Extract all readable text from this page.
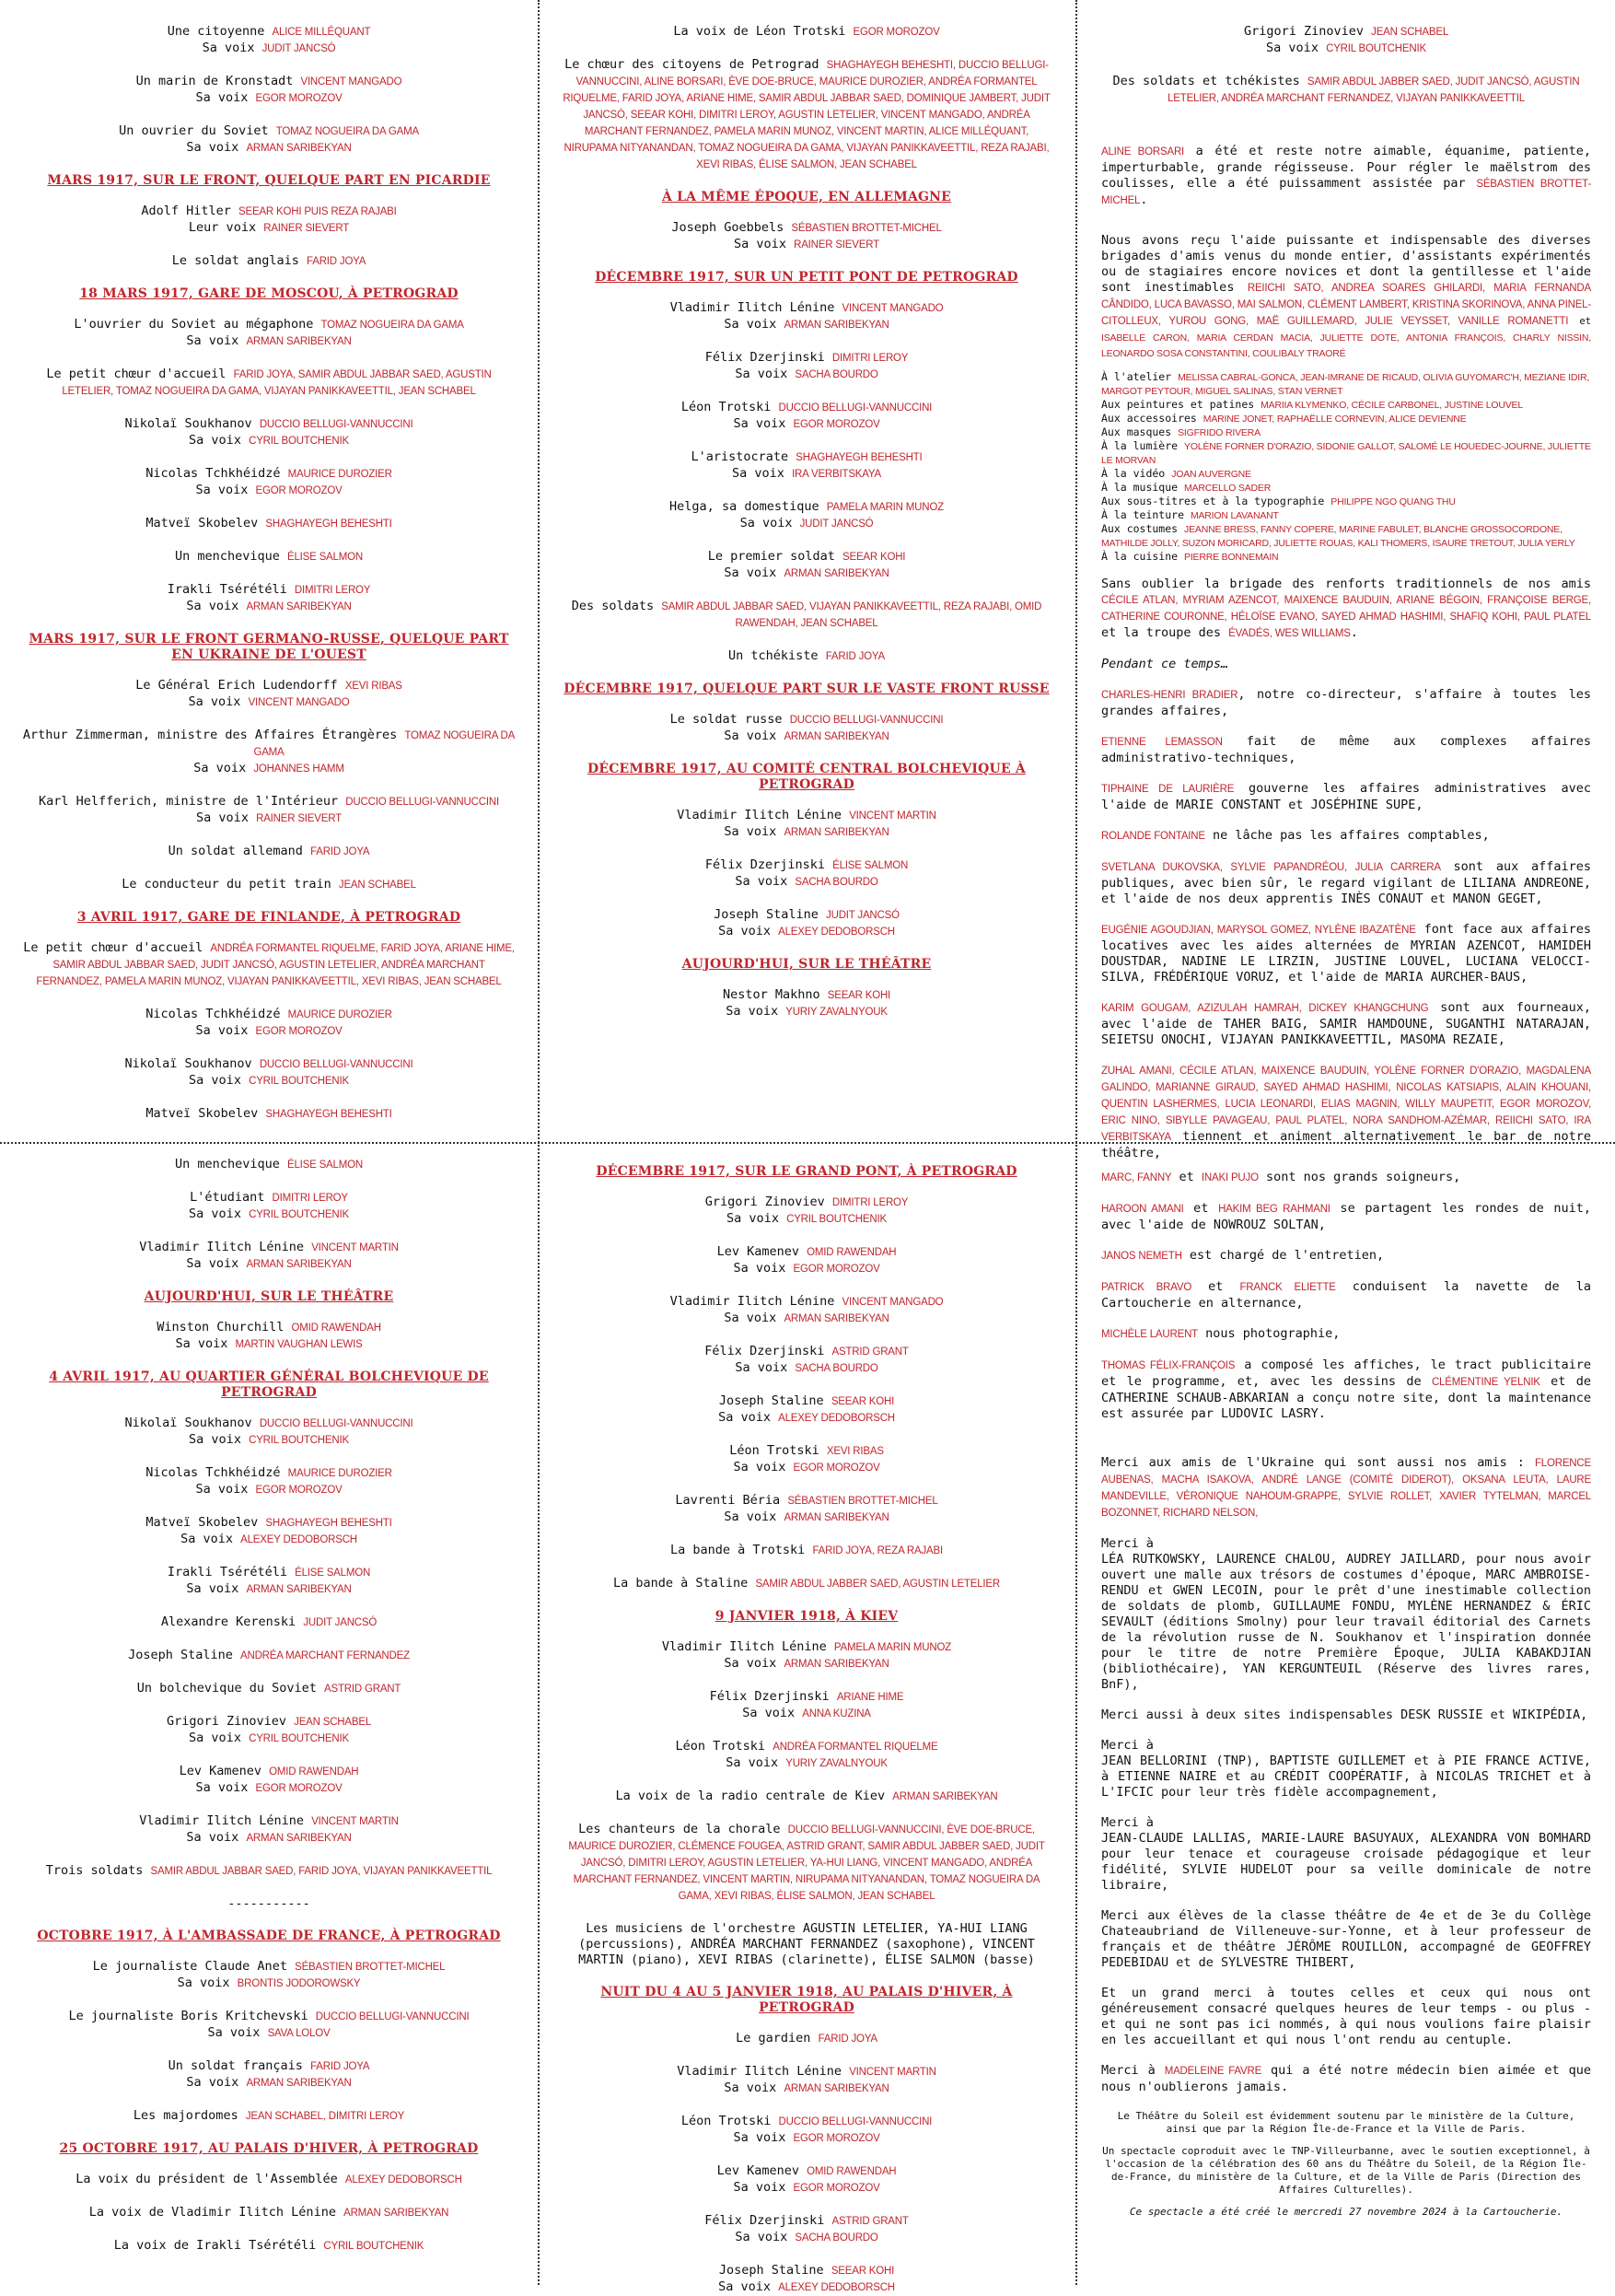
Une citoyenne ALICE MILLÉQUANT
Sa voix JUDIT JANCSÓ
Un marin de Kronstadt VINCENT MANGADO
Sa voix EGOR MOROZOV
Un ouvrier du Soviet TOMAZ NOGUEIRA DA GAMA
Sa voix ARMAN SARIBEKYAN
MARS 1917, SUR LE FRONT, QUELQUE PART EN PICARDIE
Adolf Hitler SEEAR KOHI PUIS REZA RAJABI
Leur voix RAINER SIEVERT
Le soldat anglais FARID JOYA
18 MARS 1917, GARE DE MOSCOU, À PETROGRAD
L'ouvrier du Soviet au mégaphone TOMAZ NOGUEIRA DA GAMA
Sa voix ARMAN SARIBEKYAN
Le petit chœur d'accueil FARID JOYA, SAMIR ABDUL JABBAR SAED, AGUSTIN LETELIER, TOMAZ NOGUEIRA DA GAMA, VIJAYAN PANIKKAVEETTIL, JEAN SCHABEL
Nikolaï Soukhanov DUCCIO BELLUGI-VANNUCCINI
Sa voix CYRIL BOUTCHENIK
Nicolas Tchkhéidzé MAURICE DUROZIER
Sa voix EGOR MOROZOV
Matveï Skobelev SHAGHAYEGH BEHESHTI
Un menchevique ÉLISE SALMON
Irakli Tsérétéli DIMITRI LEROY
Sa voix ARMAN SARIBEKYAN
MARS 1917, SUR LE FRONT GERMANO-RUSSE, QUELQUE PART EN UKRAINE DE L'OUEST
Le Général Erich Ludendorff XEVI RIBAS
Sa voix VINCENT MANGADO
Arthur Zimmerman, ministre des Affaires Étrangères TOMAZ NOGUEIRA DA GAMA
Sa voix JOHANNES HAMM
Karl Helfferich, ministre de l'Intérieur DUCCIO BELLUGI-VANNUCCINI
Sa voix RAINER SIEVERT
Un soldat allemand FARID JOYA
Le conducteur du petit train JEAN SCHABEL
3 AVRIL 1917, GARE DE FINLANDE, À PETROGRAD
Le petit chœur d'accueil ANDRÉA FORMANTEL RIQUELME, FARID JOYA, ARIANE HIME, SAMIR ABDUL JABBAR SAED, JUDIT JANCSÓ, AGUSTIN LETELIER, ANDRÉA MARCHANT FERNANDEZ, PAMELA MARIN MUNOZ, VIJAYAN PANIKKAVEETTIL, XEVI RIBAS, JEAN SCHABEL
Nicolas Tchkhéidzé MAURICE DUROZIER
Sa voix EGOR MOROZOV
Nikolaï Soukhanov DUCCIO BELLUGI-VANNUCCINI
Sa voix CYRIL BOUTCHENIK
Matveï Skobelev SHAGHAYEGH BEHESHTI
La voix de Léon Trotski EGOR MOROZOV
Le chœur des citoyens de Petrograd SHAGHAYEGH BEHESHTI, DUCCIO BELLUGI-VANNUCCINI, ALINE BORSARI, ÈVE DOE-BRUCE, MAURICE DUROZIER, ANDRÉA FORMANTEL RIQUELME, FARID JOYA, ARIANE HIME, SAMIR ABDUL JABBAR SAED, DOMINIQUE JAMBERT, JUDIT JANCSÓ, SEEAR KOHI, DIMITRI LEROY, AGUSTIN LETELIER, VINCENT MANGADO, ANDRÉA MARCHANT FERNANDEZ, PAMELA MARIN MUNOZ, VINCENT MARTIN, ALICE MILLÉQUANT, NIRUPAMA NITYANANDAN, TOMAZ NOGUEIRA DA GAMA, VIJAYAN PANIKKAVEETTIL, REZA RAJABI, XEVI RIBAS, ÉLISE SALMON, JEAN SCHABEL
À LA MÊME ÉPOQUE, EN ALLEMAGNE
Joseph Goebbels SÉBASTIEN BROTTET-MICHEL
Sa voix RAINER SIEVERT
DÉCEMBRE 1917, SUR UN PETIT PONT DE PETROGRAD
Vladimir Ilitch Lénine VINCENT MANGADO
Sa voix ARMAN SARIBEKYAN
Félix Dzerjinski DIMITRI LEROY
Sa voix SACHA BOURDO
Léon Trotski DUCCIO BELLUGI-VANNUCCINI
Sa voix EGOR MOROZOV
L'aristocrate SHAGHAYEGH BEHESHTI
Sa voix IRA VERBITSKAYA
Helga, sa domestique PAMELA MARIN MUNOZ
Sa voix JUDIT JANCSÓ
Le premier soldat SEEAR KOHI
Sa voix ARMAN SARIBEKYAN
Des soldats SAMIR ABDUL JABBAR SAED, VIJAYAN PANIKKAVEETTIL, REZA RAJABI, OMID RAWENDAH, JEAN SCHABEL
Un tchékiste FARID JOYA
DÉCEMBRE 1917, QUELQUE PART SUR LE VASTE FRONT RUSSE
Le soldat russe DUCCIO BELLUGI-VANNUCCINI
Sa voix ARMAN SARIBEKYAN
DÉCEMBRE 1917, AU COMITÉ CENTRAL BOLCHEVIQUE À PETROGRAD
Vladimir Ilitch Lénine VINCENT MARTIN
Sa voix ARMAN SARIBEKYAN
Félix Dzerjinski ÉLISE SALMON
Sa voix SACHA BOURDO
Joseph Staline JUDIT JANCSÓ
Sa voix ALEXEY DEDOBORSCH
AUJOURD'HUI, SUR LE THÉÂTRE
Nestor Makhno SEEAR KOHI
Sa voix YURIY ZAVALNYOUK
Un menchevique ÉLISE SALMON
L'étudiant DIMITRI LEROY
Sa voix CYRIL BOUTCHENIK
Vladimir Ilitch Lénine VINCENT MARTIN
Sa voix ARMAN SARIBEKYAN
AUJOURD'HUI, SUR LE THÉÂTRE
Winston Churchill OMID RAWENDAH
Sa voix MARTIN VAUGHAN LEWIS
4 AVRIL 1917, AU QUARTIER GÉNÉRAL BOLCHEVIQUE DE PETROGRAD
Nikolaï Soukhanov DUCCIO BELLUGI-VANNUCCINI
Sa voix CYRIL BOUTCHENIK
Nicolas Tchkhéidzé MAURICE DUROZIER
Sa voix EGOR MOROZOV
Matveï Skobelev SHAGHAYEGH BEHESHTI
Sa voix ALEXEY DEDOBORSCH
Irakli Tsérétéli ÉLISE SALMON
Sa voix ARMAN SARIBEKYAN
Alexandre Kerenski JUDIT JANCSÓ
Joseph Staline ANDRÉA MARCHANT FERNANDEZ
Un bolchevique du Soviet ASTRID GRANT
Grigori Zinoviev JEAN SCHABEL
Sa voix CYRIL BOUTCHENIK
Lev Kamenev OMID RAWENDAH
Sa voix EGOR MOROZOV
Vladimir Ilitch Lénine VINCENT MARTIN
Sa voix ARMAN SARIBEKYAN
Trois soldats SAMIR ABDUL JABBAR SAED, FARID JOYA, VIJAYAN PANIKKAVEETTIL
-----------
OCTOBRE 1917, À L'AMBASSADE DE FRANCE, À PETROGRAD
Le journaliste Claude Anet SÉBASTIEN BROTTET-MICHEL
Sa voix BRONTIS JODOROWSKY
Le journaliste Boris Kritchevski DUCCIO BELLUGI-VANNUCCINI
Sa voix SAVA LOLOV
Un soldat français FARID JOYA
Sa voix ARMAN SARIBEKYAN
Les majordomes JEAN SCHABEL, DIMITRI LEROY
25 OCTOBRE 1917, AU PALAIS D'HIVER, À PETROGRAD
La voix du président de l'Assemblée ALEXEY DEDOBORSCH
La voix de Vladimir Ilitch Lénine ARMAN SARIBEKYAN
La voix de Irakli Tsérétéli CYRIL BOUTCHENIK
DÉCEMBRE 1917, SUR LE GRAND PONT, À PETROGRAD
Grigori Zinoviev DIMITRI LEROY
Sa voix CYRIL BOUTCHENIK
Lev Kamenev OMID RAWENDAH
Sa voix EGOR MOROZOV
Vladimir Ilitch Lénine VINCENT MANGADO
Sa voix ARMAN SARIBEKYAN
Félix Dzerjinski ASTRID GRANT
Sa voix SACHA BOURDO
Joseph Staline SEEAR KOHI
Sa voix ALEXEY DEDOBORSCH
Léon Trotski XEVI RIBAS
Sa voix EGOR MOROZOV
Lavrenti Béria SÉBASTIEN BROTTET-MICHEL
Sa voix ARMAN SARIBEKYAN
La bande à Trotski FARID JOYA, REZA RAJABI
La bande à Staline SAMIR ABDUL JABBER SAED, AGUSTIN LETELIER
9 JANVIER 1918, À KIEV
Vladimir Ilitch Lénine PAMELA MARIN MUNOZ
Sa voix ARMAN SARIBEKYAN
Félix Dzerjinski ARIANE HIME
Sa voix ANNA KUZINA
Léon Trotski ANDRÉA FORMANTEL RIQUELME
Sa voix YURIY ZAVALNYOUK
La voix de la radio centrale de Kiev ARMAN SARIBEKYAN
Les chanteurs de la chorale DUCCIO BELLUGI-VANNUCCINI, ÈVE DOE-BRUCE, MAURICE DUROZIER, CLÉMENCE FOUGEA, ASTRID GRANT, SAMIR ABDUL JABBER SAED, JUDIT JANCSÓ, DIMITRI LEROY, AGUSTIN LETELIER, YA-HUI LIANG, VINCENT MANGADO, ANDRÉA MARCHANT FERNANDEZ, VINCENT MARTIN, NIRUPAMA NITYANANDAN, TOMAZ NOGUEIRA DA GAMA, XEVI RIBAS, ÉLISE SALMON, JEAN SCHABEL
Les musiciens de l'orchestre AGUSTIN LETELIER, YA-HUI LIANG (percussions), ANDRÉA MARCHANT FERNANDEZ (saxophone), VINCENT MARTIN (piano), XEVI RIBAS (clarinette), ÉLISE SALMON (basse)
NUIT DU 4 AU 5 JANVIER 1918, AU PALAIS D'HIVER, À PETROGRAD
Le gardien FARID JOYA
Vladimir Ilitch Lénine VINCENT MARTIN
Sa voix ARMAN SARIBEKYAN
Léon Trotski DUCCIO BELLUGI-VANNUCCINI
Sa voix EGOR MOROZOV
Lev Kamenev OMID RAWENDAH
Sa voix EGOR MOROZOV
Félix Dzerjinski ASTRID GRANT
Sa voix SACHA BOURDO
Joseph Staline SEEAR KOHI
Sa voix ALEXEY DEDOBORSCH
Grigori Zinoviev JEAN SCHABEL
Sa voix CYRIL BOUTCHENIK
Des soldats et tchékistes SAMIR ABDUL JABBER SAED, JUDIT JANCSÓ, AGUSTIN LETELIER, ANDRÉA MARCHANT FERNANDEZ, VIJAYAN PANIKKAVEETTIL

ALINE BORSARI a été et reste notre aimable, équanime, patiente, imperturbable, grande régisseuse. Pour régler le maëlstrom des coulisses, elle a été puissamment assistée par SÉBASTIEN BROTTET-MICHEL.

Nous avons reçu l'aide puissante et indispensable des diverses brigades d'amis venus du monde entier, d'assistants expérimentés ou de stagiaires encore novices et dont la gentillesse et l'aide sont inestimables REIICHI SATO, ANDREA SOARES GHILARDI, MARIA FERNANDA CÂNDIDO, LUCA BAVASSO, MAI SALMON, CLÉMENT LAMBERT, KRISTINA SKORINOVA, ANNA PINEL-CITOLLEUX, YUROU GONG, MAË GUILLEMARD, JULIE VEYSSET, VANILLE ROMANETTI et ISABELLE CARON, MARIA CERDAN MACIA, JULIETTE DOTE, ANTONIA FRANÇOIS, CHARLY NISSIN, LEONARDO SOSA CONSTANTINI, COULIBALY TRAORÉ

À l'atelier MELISSA CABRAL-GONCA, JEAN-IMRANE DE RICAUD, OLIVIA GUYOMARC'H, MEZIANE IDIR, MARGOT PEYTOUR, MIGUEL SALINAS, STAN VERNET

Aux peintures et patines MARIIA KLYMENKO, CÉCILE CARBONEL, JUSTINE LOUVEL

Aux accessoires MARINE JONET, RAPHAËLLE CORNEVIN, ALICE DEVIENNE

Aux masques SIGFRIDO RIVERA

À la lumière YOLÈNE FORNER D'ORAZIO, SIDONIE GALLOT, SALOMÉ LE HOUEDEC-JOURNE, JULIETTE LE MORVAN

À la vidéo JOAN AUVERGNE

À la musique MARCELLO SADER

Aux sous-titres et à la typographie PHILIPPE NGO QUANG THU

À la teinture MARION LAVANANT

Aux costumes JEANNE BRESS, FANNY COPERE, MARINE FABULET, BLANCHE GROSSOCORDONE, MATHILDE JOLLY, SUZON MORICARD, JULIETTE ROUAS, KALI THOMERS, ISAURE TRETOUT, JULIA YERLY

À la cuisine PIERRE BONNEMAIN

Sans oublier la brigade des renforts traditionnels de nos amis CÉCILE ATLAN, MYRIAM AZENCOT, MAIXENCE BAUDUIN, ARIANE BÉGOIN, FRANÇOISE BERGE, CATHERINE COURONNE, HÉLOÏSE EVANO, SAYED AHMAD HASHIMI, SHAFIQ KOHI, PAUL PLATEL et la troupe des ÉVADÉS, WES WILLIAMS.

Pendant ce temps…

CHARLES-HENRI BRADIER, notre co-directeur, s'affaire à toutes les grandes affaires,

ETIENNE LEMASSON fait de même aux complexes affaires administrativo-techniques,

TIPHAINE DE LAURIÈRE gouverne les affaires administratives avec l'aide de MARIE CONSTANT et JOSÉPHINE SUPE,

ROLANDE FONTAINE ne lâche pas les affaires comptables,

SVETLANA DUKOVSKA, SYLVIE PAPANDRÉOU, JULIA CARRERA sont aux affaires publiques, avec bien sûr, le regard vigilant de LILIANA ANDREONE, et l'aide de nos deux apprentis INÈS CONAUT et MANON GEGET,

EUGÉNIE AGOUDJIAN, MARYSOL GOMEZ, NYLÈNE IBAZATÈNE font face aux affaires locatives avec les aides alternées de MYRIAN AZENCOT, HAMIDEH DOUSTDAR, NADINE LE LIRZIN, JUSTINE LOUVEL, LUCIANA VELOCCI-SILVA, FRÉDÉRIQUE VORUZ, et l'aide de MARIA AURCHER-BAUS,

KARIM GOUGAM, AZIZULAH HAMRAH, DICKEY KHANGCHUNG sont aux fourneaux, avec l'aide de TAHER BAIG, SAMIR HAMDOUNE, SUGANTHI NATARAJAN, SEIETSU ONOCHI, VIJAYAN PANIKKAVEETTIL, MASOMA REZAIE,

ZUHAL AMANI, CÉCILE ATLAN, MAIXENCE BAUDUIN, YOLÈNE FORNER D'ORAZIO, MAGDALENA GALINDO, MARIANNE GIRAUD, SAYED AHMAD HASHIMI, NICOLAS KATSIAPIS, ALAIN KHOUANI, QUENTIN LASHERMES, LUCIA LEONARDI, ELIAS MAGNIN, WILLY MAUPETIT, EGOR MOROZOV, ERIC NINO, SIBYLLE PAVAGEAU, PAUL PLATEL, NORA SANDHOM-AZÉMAR, REIICHI SATO, IRA VERBITSKAYA tiennent et animent alternativement le bar de notre théâtre,

MARC, FANNY et INAKI PUJO sont nos grands soigneurs,

HAROON AMANI et HAKIM BEG RAHMANI se partagent les rondes de nuit, avec l'aide de NOWROUZ SOLTAN,

JANOS NEMETH est chargé de l'entretien,

PATRICK BRAVO et FRANCK ELIETTE conduisent la navette de la Cartoucherie en alternance,

MICHÈLE LAURENT nous photographie,

THOMAS FÉLIX-FRANÇOIS a composé les affiches, le tract publicitaire et le programme, et, avec les dessins de CLÉMENTINE YELNIK et de CATHERINE SCHAUB-ABKARIAN a conçu notre site, dont la maintenance est assurée par LUDOVIC LASRY.

Merci aux amis de l'Ukraine qui sont aussi nos amis : FLORENCE AUBENAS, MACHA ISAKOVA, ANDRÉ LANGE (COMITÉ DIDEROT), OKSANA LEUTA, LAURE MANDEVILLE, VÉRONIQUE NAHOUM-GRAPPE, SYLVIE ROLLET, XAVIER TYTELMAN, MARCEL BOZONNET, RICHARD NELSON,

Merci à
LÉA RUTKOWSKY, LAURENCE CHALOU, AUDREY JAILLARD, pour nous avoir ouvert une malle aux trésors de costumes d'époque, MARC AMBROISE-RENDU et GWEN LECOIN, pour le prêt d'une inestimable collection de soldats de plomb, GUILLAUME FONDU, MYLÈNE HERNANDEZ & ÉRIC SEVAULT (éditions Smolny) pour leur travail éditorial des Carnets de la révolution russe de N. Soukhanov et l'inspiration donnée pour le titre de notre Première Époque, JULIA KABAKDJIAN (bibliothécaire), YAN KERGUNTEUIL (Réserve des livres rares, BnF),

Merci aussi à deux sites indispensables DESK RUSSIE et WIKIPÉDIA,

Merci à
JEAN BELLORINI (TNP), BAPTISTE GUILLEMET et à PIE FRANCE ACTIVE, à ETIENNE NAIRE et au CRÉDIT COOPÉRATIF, à NICOLAS TRICHET et à L'IFCIC pour leur très fidèle accompagnement,

Merci à
JEAN-CLAUDE LALLIAS, MARIE-LAURE BASUYAUX, ALEXANDRA VON BOMHARD pour leur tenace et courageuse croisade pédagogique et leur fidélité, SYLVIE HUDELOT pour sa veille dominicale de notre libraire,

Merci aux élèves de la classe théâtre de 4e et de 3e du Collège Chateaubriand de Villeneuve-sur-Yonne, et à leur professeur de français et de théâtre JÉRÔME ROUILLON, accompagné de GEOFFREY PEDEBIDAU et de SYLVESTRE THIBERT,

Et un grand merci à toutes celles et ceux qui nous ont généreusement consacré quelques heures de leur temps - ou plus - et qui ne sont pas ici nommés, à qui nous voulions faire plaisir en les accueillant et qui nous l'ont rendu au centuple.

Merci à MADELEINE FAVRE qui a été notre médecin bien aimée et que nous n'oublierons jamais.

Le Théâtre du Soleil est évidemment soutenu par le ministère de la Culture, ainsi que par la Région Île-de-France et la Ville de Paris.

Un spectacle coproduit avec le TNP-Villeurbanne, avec le soutien exceptionnel, à l'occasion de la célébration des 60 ans du Théâtre du Soleil, de la Région Île-de-France, du ministère de la Culture, et de la Ville de Paris (Direction des Affaires Culturelles).

Ce spectacle a été créé le mercredi 27 novembre 2024 à la Cartoucherie.
